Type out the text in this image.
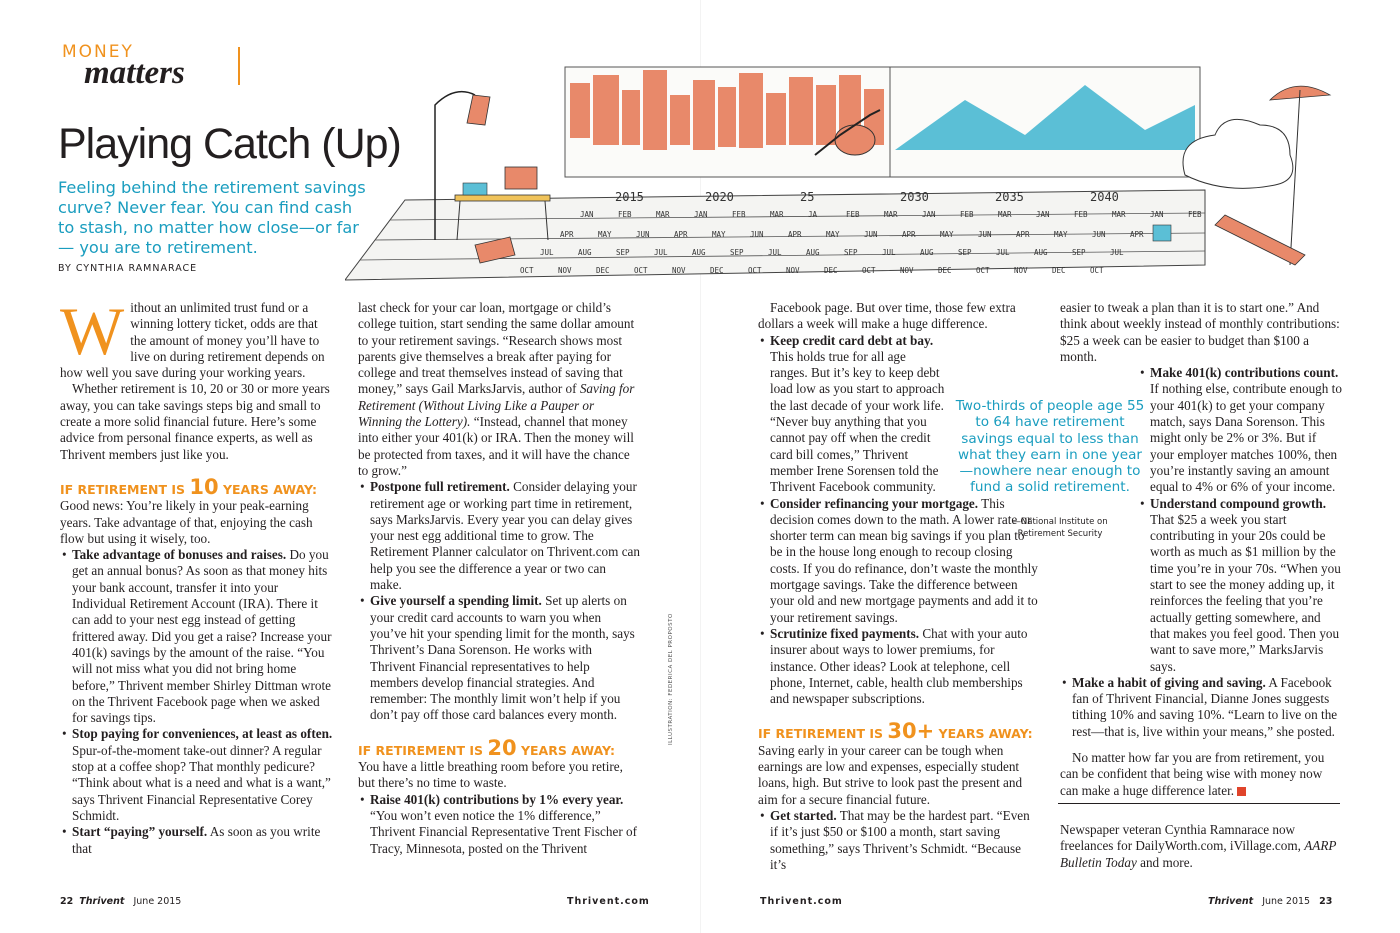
MONEY
matters
Playing Catch (Up)
Feeling behind the retirement savings curve? Never fear. You can find cash to stash, no matter how close—or far— you are to retirement.
BY CYNTHIA RAMNARACE
JAN	FEB	MAR	JAN	FEB	MAR	JA	FEB	MAR	JAN	FEB	MAR	JAN	FEB	MAR	JAN	FEB
APR	MAY	JUN	APR	MAY	JUN	APR	MAY	JUN	APR	MAY	JUN	APR	MAY	JUN	APR
JUL	AUG	SEP	JUL	AUG	SEP	JUL	AUG	SEP	JUL	AUG	SEP	JUL	AUG	SEP	JUL
OCT	NOV	DEC	OCT	NOV	DEC	OCT	NOV	DEC	OCT	NOV	DEC	OCT	NOV	DEC	OCT
2015	2020	25	2030	2035	2040
ILLUSTRATION: FEDERICA DEL PROPOSTO

Without an unlimited trust fund or a winning lottery ticket, odds are that the amount of money you’ll have to live on during retirement depends on how well you save during your working years.

Whether retirement is 10, 20 or 30 or more years away, you can take savings steps big and small to create a more solid financial future. Here’s some advice from personal finance experts, as well as Thrivent members just like you.

IF RETIREMENT IS 10 YEARS AWAY:

Good news: You’re likely in your peak-earning years. Take advantage of that, enjoying the cash flow but using it wisely, too.

• Take advantage of bonuses and raises. Do you get an annual bonus? As soon as that money hits your bank account, transfer it into your Individual Retirement Account (IRA). There it can add to your nest egg instead of getting frittered away. Did you get a raise? Increase your 401(k) savings by the amount of the raise. “You will not miss what you did not bring home before,” Thrivent member Shirley Dittman wrote on the Thrivent Facebook page when we asked for savings tips.
• Stop paying for conveniences, at least as often. Spur-of-the-moment take-out dinner? A regular stop at a coffee shop? That monthly pedicure? “Think about what is a need and what is a want,” says Thrivent Financial Representative Corey Schmidt.
• Start “paying” yourself. As soon as you write that

last check for your car loan, mortgage or child’s college tuition, start sending the same dollar amount to your retirement savings. “Research shows most parents give themselves a break after paying for college and treat themselves instead of saving that money,” says Gail MarksJarvis, author of Saving for Retirement (Without Living Like a Pauper or Winning the Lottery). “Instead, channel that money into either your 401(k) or IRA. Then the money will be protected from taxes, and it will have the chance to grow.”

• Postpone full retirement. Consider delaying your retirement age or working part time in retirement, says MarksJarvis. Every year you can delay gives your nest egg additional time to grow. The Retirement Planner calculator on Thrivent.com can help you see the difference a year or two can make.
• Give yourself a spending limit. Set up alerts on your credit card accounts to warn you when you’ve hit your spending limit for the month, says Thrivent’s Dana Sorenson. He works with Thrivent Financial representatives to help members develop financial strategies. And remember: The monthly limit won’t help if you don’t pay off those card balances every month.
IF RETIREMENT IS 20 YEARS AWAY:

You have a little breathing room before you retire, but there’s no time to waste.

• Raise 401(k) contributions by 1% every year. “You won’t even notice the 1% difference,” Thrivent Financial Representative Trent Fischer of Tracy, Minnesota, posted on the Thrivent

Facebook page. But over time, those few extra dollars a week will make a huge difference.

• Keep credit card debt at bay. This holds true for all age ranges. But it’s key to keep debt load low as you start to approach the last decade of your work life. “Never buy anything that you cannot pay off when the credit card bill comes,” Thrivent member Irene Sorensen told the Thrivent Facebook community.
• Consider refinancing your mortgage. This decision comes down to the math. A lower rate or shorter term can mean big savings if you plan to be in the house long enough to recoup closing costs. If you do refinance, don’t waste the monthly mortgage savings. Take the difference between your old and new mortgage payments and add it to your retirement savings.
• Scrutinize fixed payments. Chat with your auto insurer about ways to lower premiums, for instance. Other ideas? Look at telephone, cell phone, Internet, cable, health club memberships and newspaper subscriptions.
IF RETIREMENT IS 30+ YEARS AWAY:

Saving early in your career can be tough when earnings are low and expenses, especially student loans, high. But strive to look past the present and aim for a secure financial future.

• Get started. That may be the hardest part. “Even if it’s just $50 or $100 a month, start saving something,” says Thrivent’s Schmidt. “Because it’s

easier to tweak a plan than it is to start one.” And think about weekly instead of monthly contributions: $25 a week can be easier to budget than $100 a month.

• Make 401(k) contributions count. If nothing else, contribute enough to your 401(k) to get your company match, says Dana Sorenson. This might only be 2% or 3%. But if your employer matches 100%, then you’re instantly saving an amount equal to 4% or 6% of your income.
• Understand compound growth. That $25 a week you start contributing in your 20s could be worth as much as $1 million by the time you’re in your 70s. “When you start to see the money adding up, it reinforces the feeling that you’re actually getting somewhere, and that makes you feel good. Then you want to save more,” MarksJarvis says.
• Make a habit of giving and saving. A Facebook fan of Thrivent Financial, Dianne Jones suggests tithing 10% and saving 10%. “Learn to live on the rest—that is, live within your means,” she posted.

No matter how far you are from retirement, you can be confident that being wise with money now can make a huge difference later. T

Two-thirds of people age 55 to 64 have retirement savings equal to less than what they earn in one year—nowhere near enough to fund a solid retirement.
—National Institute on Retirement Security
Newspaper veteran Cynthia Ramnarace now freelances for DailyWorth.com, iVillage.com, AARP Bulletin Today and more.
22 Thrivent June 2015	Thrivent.com	Thrivent.com	Thrivent June 2015 23
